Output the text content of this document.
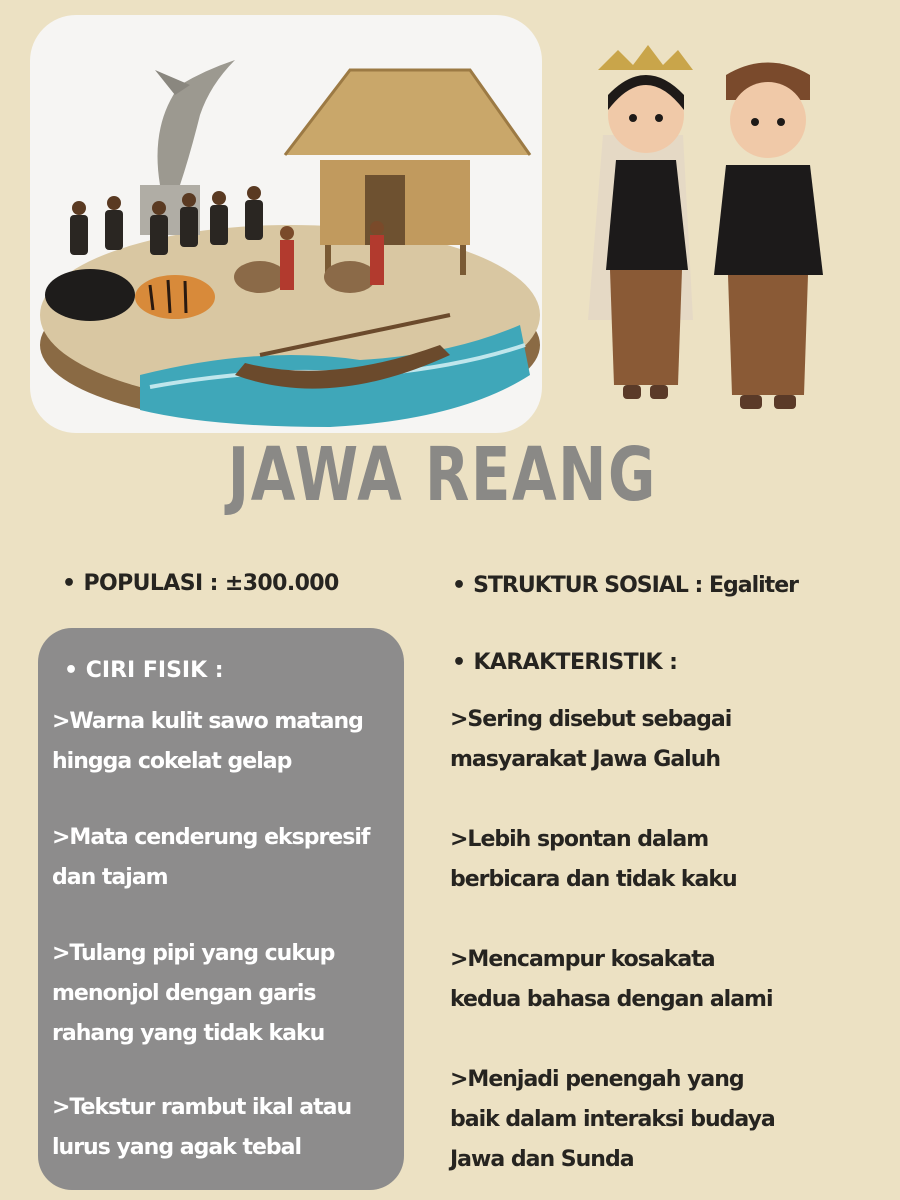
JAWA REANG
• POPULASI : ±300.000	• STRUKTUR SOSIAL : Egaliter
• CIRI FISIK :
>Warna kulit sawo matang
hingga cokelat gelap
>Mata cenderung ekspresif
dan tajam
>Tulang pipi yang cukup
menonjol dengan garis
rahang yang tidak kaku
>Tekstur rambut ikal atau
lurus yang agak tebal
• KARAKTERISTIK :
>Sering disebut sebagai
masyarakat Jawa Galuh
>Lebih spontan dalam
berbicara dan tidak kaku
>Mencampur kosakata
kedua bahasa dengan alami
>Menjadi penengah yang
baik dalam interaksi budaya
Jawa dan Sunda
